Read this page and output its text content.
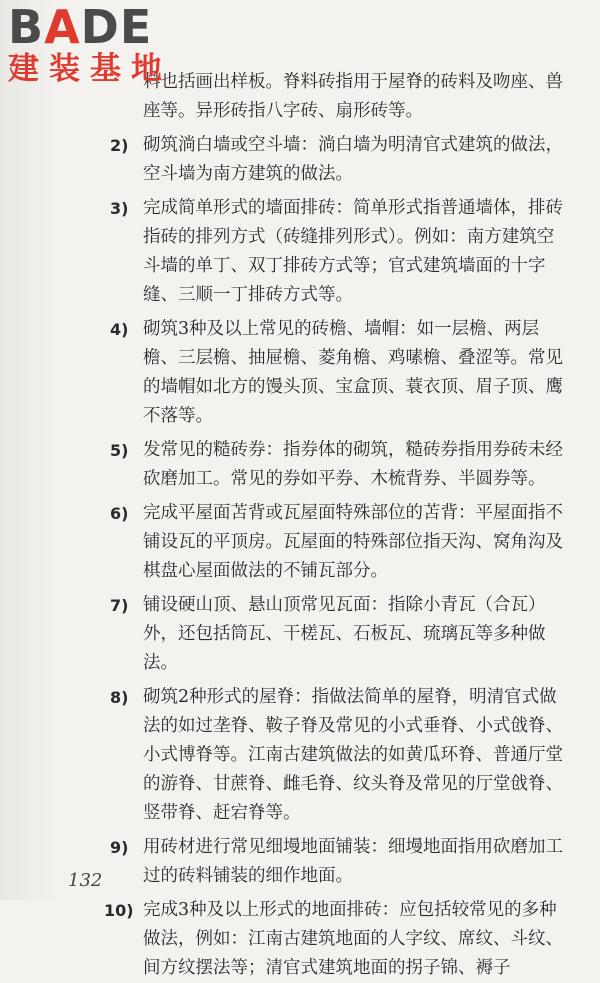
BADE
建装基地

料也括画出样板。脊料砖指用于屋脊的砖料及吻座、兽座等。异形砖指八字砖、扇形砖等。

2) 砌筑淌白墙或空斗墙：淌白墙为明清官式建筑的做法，空斗墙为南方建筑的做法。
3) 完成简单形式的墙面排砖：简单形式指普通墙体，排砖指砖的排列方式（砖缝排列形式）。例如：南方建筑空斗墙的单丁、双丁排砖方式等；官式建筑墙面的十字缝、三顺一丁排砖方式等。
4) 砌筑3种及以上常见的砖檐、墙帽：如一层檐、两层檐、三层檐、抽屉檐、菱角檐、鸡嗉檐、叠涩等。常见的墙帽如北方的馒头顶、宝盒顶、蓑衣顶、眉子顶、鹰不落等。
5) 发常见的糙砖券：指券体的砌筑，糙砖券指用券砖未经砍磨加工。常见的券如平券、木梳背券、半圆券等。
6) 完成平屋面苫背或瓦屋面特殊部位的苫背：平屋面指不铺设瓦的平顶房。瓦屋面的特殊部位指天沟、窝角沟及棋盘心屋面做法的不铺瓦部分。
7) 铺设硬山顶、悬山顶常见瓦面：指除小青瓦（合瓦）外，还包括筒瓦、干槎瓦、石板瓦、琉璃瓦等多种做法。
8) 砌筑2种形式的屋脊：指做法简单的屋脊，明清官式做法的如过垄脊、鞍子脊及常见的小式垂脊、小式戗脊、小式博脊等。江南古建筑做法的如黄瓜环脊、普通厅堂的游脊、甘蔗脊、雌毛脊、纹头脊及常见的厅堂戗脊、竖带脊、赶宕脊等。
9) 用砖材进行常见细墁地面铺装：细墁地面指用砍磨加工过的砖料铺装的细作地面。
10) 完成3种及以上形式的地面排砖：应包括较常见的多种做法，例如：江南古建筑地面的人字纹、席纹、斗纹、间方纹摆法等；清官式建筑地面的拐子锦、褥子
132
